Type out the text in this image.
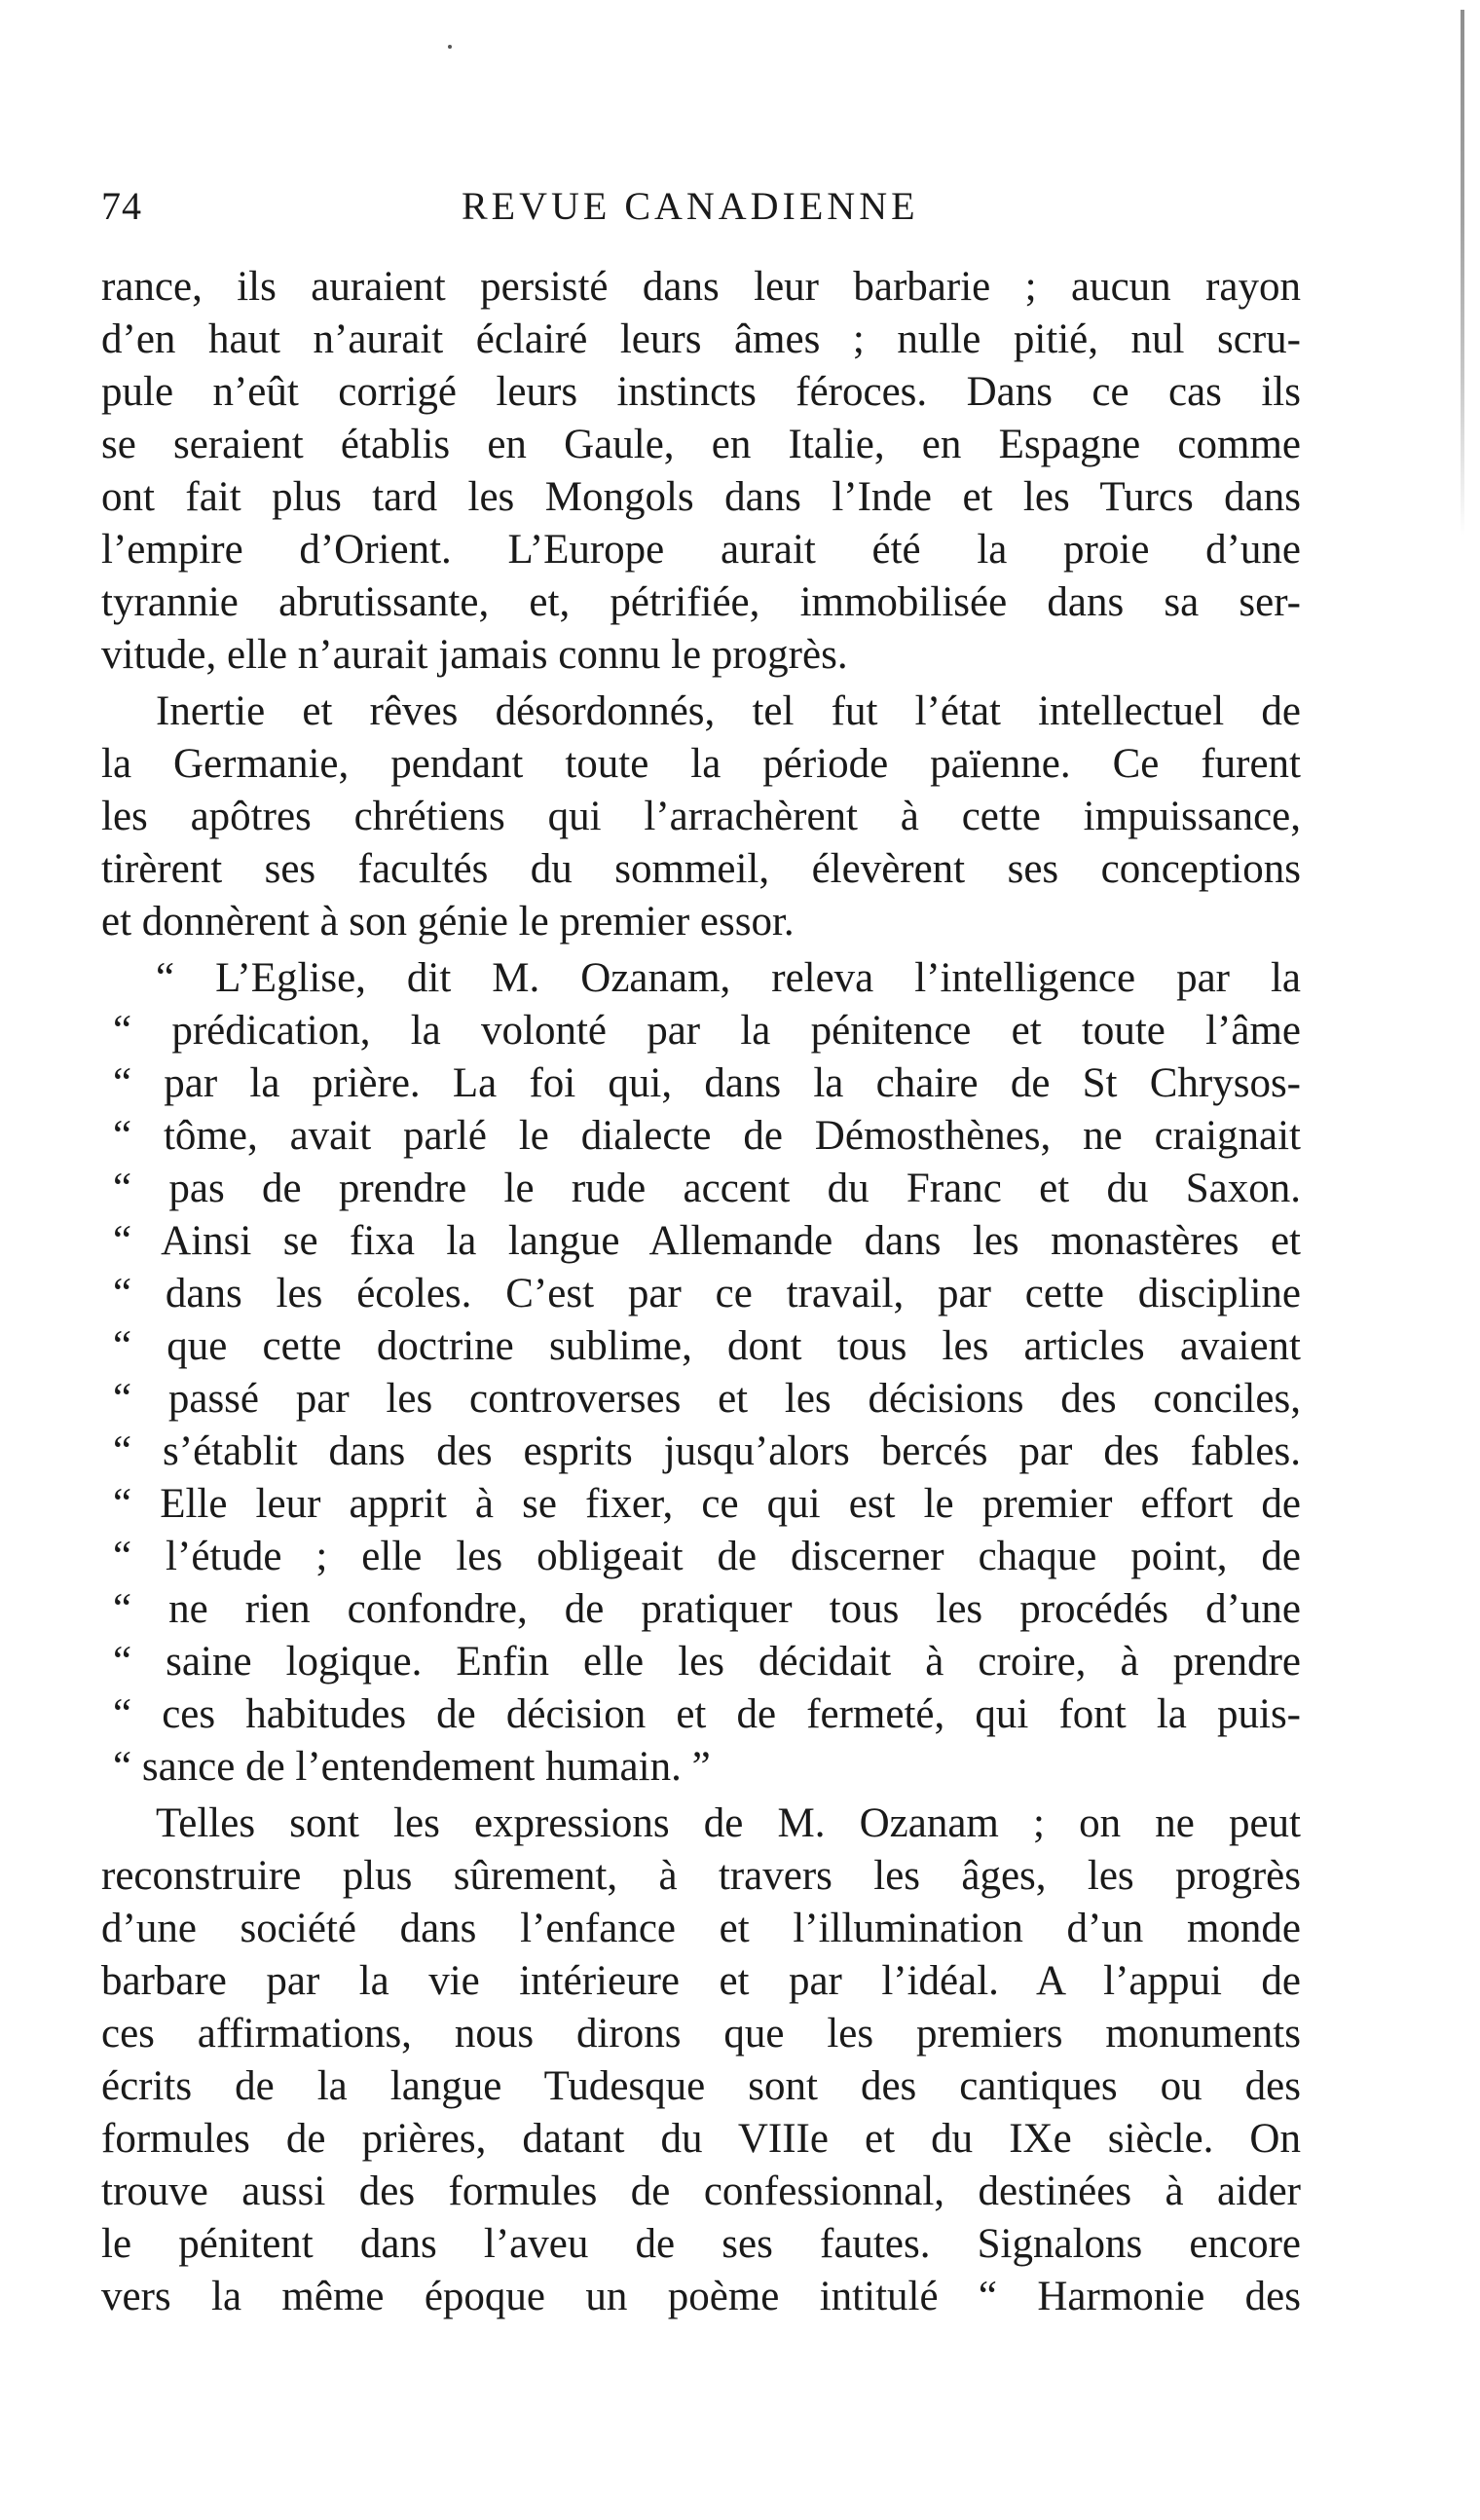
74	REVUE CANADIENNE
rance, ils auraient persisté dans leur barbarie ; aucun rayon
d’en haut n’aurait éclairé leurs âmes ; nulle pitié, nul scru-
pule n’eût corrigé leurs instincts féroces. Dans ce cas ils
se seraient établis en Gaule, en Italie, en Espagne comme
ont fait plus tard les Mongols dans l’Inde et les Turcs dans
l’empire d’Orient. L’Europe aurait été la proie d’une
tyrannie abrutissante, et, pétrifiée, immobilisée dans sa ser-
vitude, elle n’aurait jamais connu le progrès.
Inertie et rêves désordonnés, tel fut l’état intellectuel de
la Germanie, pendant toute la période païenne. Ce furent
les apôtres chrétiens qui l’arrachèrent à cette impuissance,
tirèrent ses facultés du sommeil, élevèrent ses conceptions
et donnèrent à son génie le premier essor.
“ L’Eglise, dit M. Ozanam, releva l’intelligence par la
“ prédication, la volonté par la pénitence et toute l’âme
“ par la prière. La foi qui, dans la chaire de St Chrysos-
“ tôme, avait parlé le dialecte de Démosthènes, ne craignait
“ pas de prendre le rude accent du Franc et du Saxon.
“ Ainsi se fixa la langue Allemande dans les monastères et
“ dans les écoles. C’est par ce travail, par cette discipline
“ que cette doctrine sublime, dont tous les articles avaient
“ passé par les controverses et les décisions des conciles,
“ s’établit dans des esprits jusqu’alors bercés par des fables.
“ Elle leur apprit à se fixer, ce qui est le premier effort de
“ l’étude ; elle les obligeait de discerner chaque point, de
“ ne rien confondre, de pratiquer tous les procédés d’une
“ saine logique. Enfin elle les décidait à croire, à prendre
“ ces habitudes de décision et de fermeté, qui font la puis-
“ sance de l’entendement humain. ”
Telles sont les expressions de M. Ozanam ; on ne peut
reconstruire plus sûrement, à travers les âges, les progrès
d’une société dans l’enfance et l’illumination d’un monde
barbare par la vie intérieure et par l’idéal. A l’appui de
ces affirmations, nous dirons que les premiers monuments
écrits de la langue Tudesque sont des cantiques ou des
formules de prières, datant du VIIIe et du IXe siècle. On
trouve aussi des formules de confessionnal, destinées à aider
le pénitent dans l’aveu de ses fautes. Signalons encore
vers la même époque un poème intitulé “ Harmonie des
